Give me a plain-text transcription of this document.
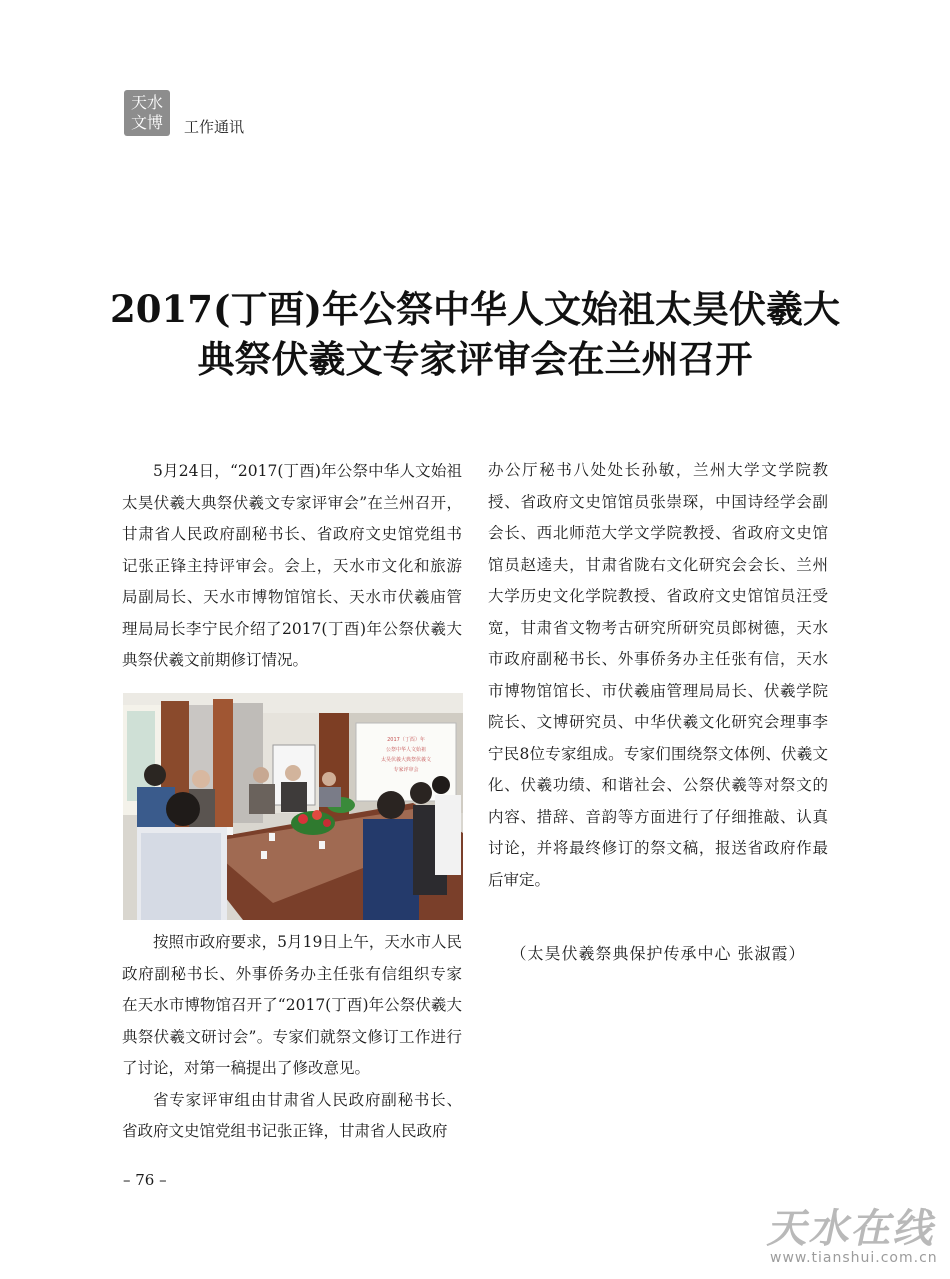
天水
文博	工作通讯
2017(丁酉)年公祭中华人文始祖太昊伏羲大
典祭伏羲文专家评审会在兰州召开

5月24日，“2017(丁酉)年公祭中华人文始祖太昊伏羲大典祭伏羲文专家评审会”在兰州召开，甘肃省人民政府副秘书长、省政府文史馆党组书记张正锋主持评审会。会上，天水市文化和旅游局副局长、天水市博物馆馆长、天水市伏羲庙管理局局长李宁民介绍了2017(丁酉)年公祭伏羲大典祭伏羲文前期修订情况。

2017（丁酉）年
公祭中华人文始祖
太昊伏羲大典祭伏羲文
专家评审会

按照市政府要求，5月19日上午，天水市人民政府副秘书长、外事侨务办主任张有信组织专家在天水市博物馆召开了“2017(丁酉)年公祭伏羲大典祭伏羲文研讨会”。专家们就祭文修订工作进行了讨论，对第一稿提出了修改意见。

省专家评审组由甘肃省人民政府副秘书长、省政府文史馆党组书记张正锋，甘肃省人民政府

办公厅秘书八处处长孙敏，兰州大学文学院教授、省政府文史馆馆员张崇琛，中国诗经学会副会长、西北师范大学文学院教授、省政府文史馆馆员赵逵夫，甘肃省陇右文化研究会会长、兰州大学历史文化学院教授、省政府文史馆馆员汪受宽，甘肃省文物考古研究所研究员郎树德，天水市政府副秘书长、外事侨务办主任张有信，天水市博物馆馆长、市伏羲庙管理局局长、伏羲学院院长、文博研究员、中华伏羲文化研究会理事李宁民8位专家组成。专家们围绕祭文体例、伏羲文化、伏羲功绩、和谐社会、公祭伏羲等对祭文的内容、措辞、音韵等方面进行了仔细推敲、认真讨论，并将最终修订的祭文稿，报送省政府作最后审定。

（太昊伏羲祭典保护传承中心 张淑霞）
– 76 –
天水在线
www.tianshui.com.cn
